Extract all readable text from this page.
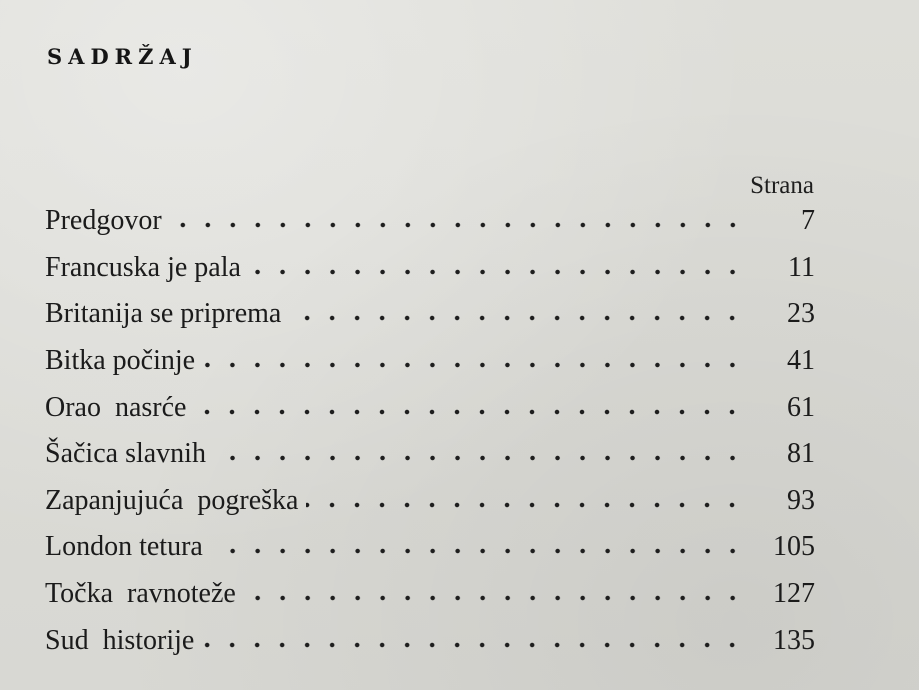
SADRŽAJ
Strana
Predgovor	7
Francuska je pala	11
Britanija se priprema	23
Bitka počinje	41
Orao  nasrće	61
Šačica slavnih	81
Zapanjujuća  pogreška	93
London tetura	105
Točka  ravnoteže	127
Sud  historije	135
